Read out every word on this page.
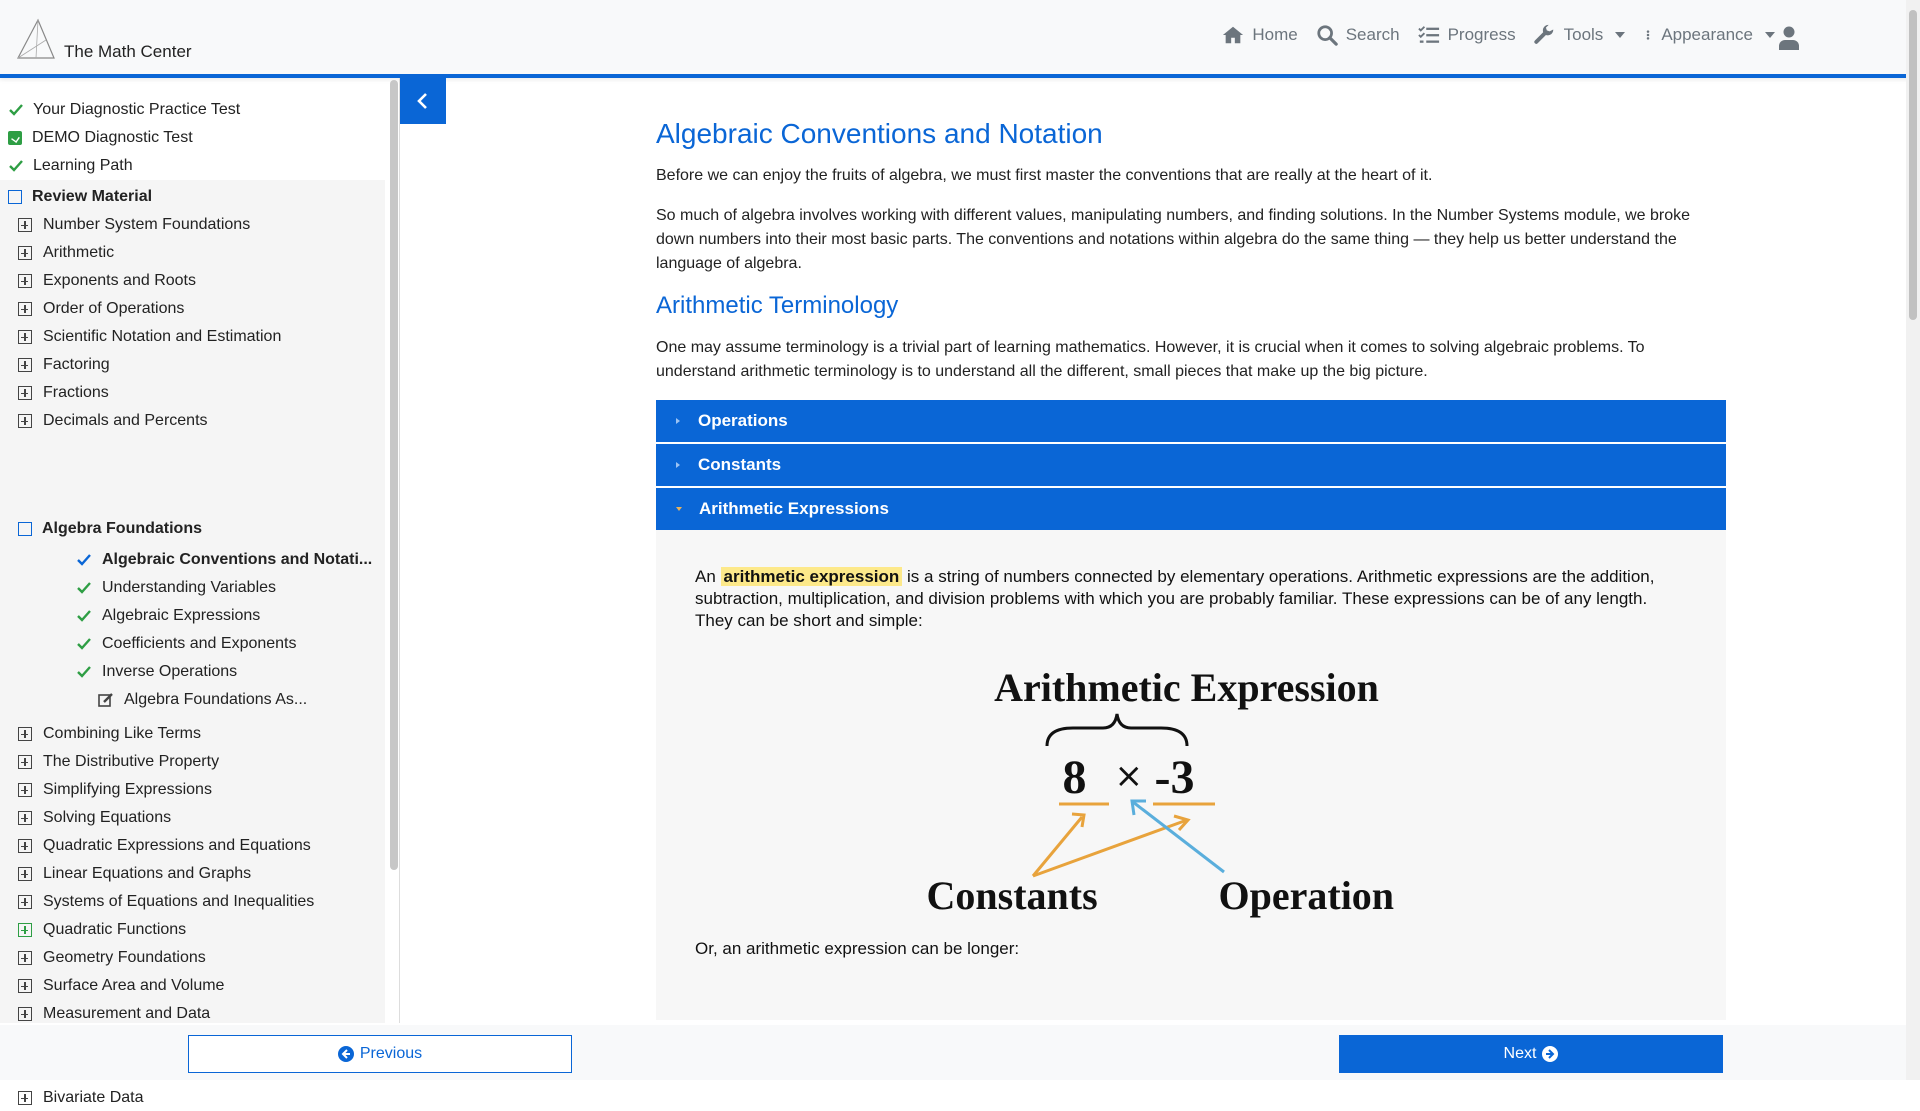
The Math Center
Home	Search	Progress	Tools	Appearance
Your Diagnostic Practice Test
DEMO Diagnostic Test
Learning Path
Review Material
Algebra Foundations
Number System Foundations
Arithmetic
Exponents and Roots
Order of Operations
Scientific Notation and Estimation
Factoring
Fractions
Decimals and Percents
Algebraic Conventions and Notati...
Understanding Variables
Algebraic Expressions
Coefficients and Exponents
Inverse Operations
Algebra Foundations As...
Combining Like Terms
The Distributive Property
Simplifying Expressions
Solving Equations
Quadratic Expressions and Equations
Linear Equations and Graphs
Systems of Equations and Inequalities
Quadratic Functions
Geometry Foundations
Surface Area and Volume
Measurement and Data
Bivariate Data
Algebraic Conventions and Notation

Before we can enjoy the fruits of algebra, we must first master the conventions that are really at the heart of it.

So much of algebra involves working with different values, manipulating numbers, and finding solutions. In the Number Systems module, we broke down numbers into their most basic parts. The conventions and notations within algebra do the same thing — they help us better understand the language of algebra.

Arithmetic Terminology

One may assume terminology is a trivial part of learning mathematics. However, it is crucial when it comes to solving algebraic problems. To understand arithmetic terminology is to understand all the different, small pieces that make up the big picture.

Operations
Constants
Arithmetic Expressions

An arithmetic expression is a string of numbers connected by elementary operations. Arithmetic expressions are the addition, subtraction, multiplication, and division problems with which you are probably familiar. These expressions can be of any length. They can be short and simple:

Arithmetic Expression
8 × -3
Constants	Operation

Or, an arithmetic expression can be longer:

Previous	Next
